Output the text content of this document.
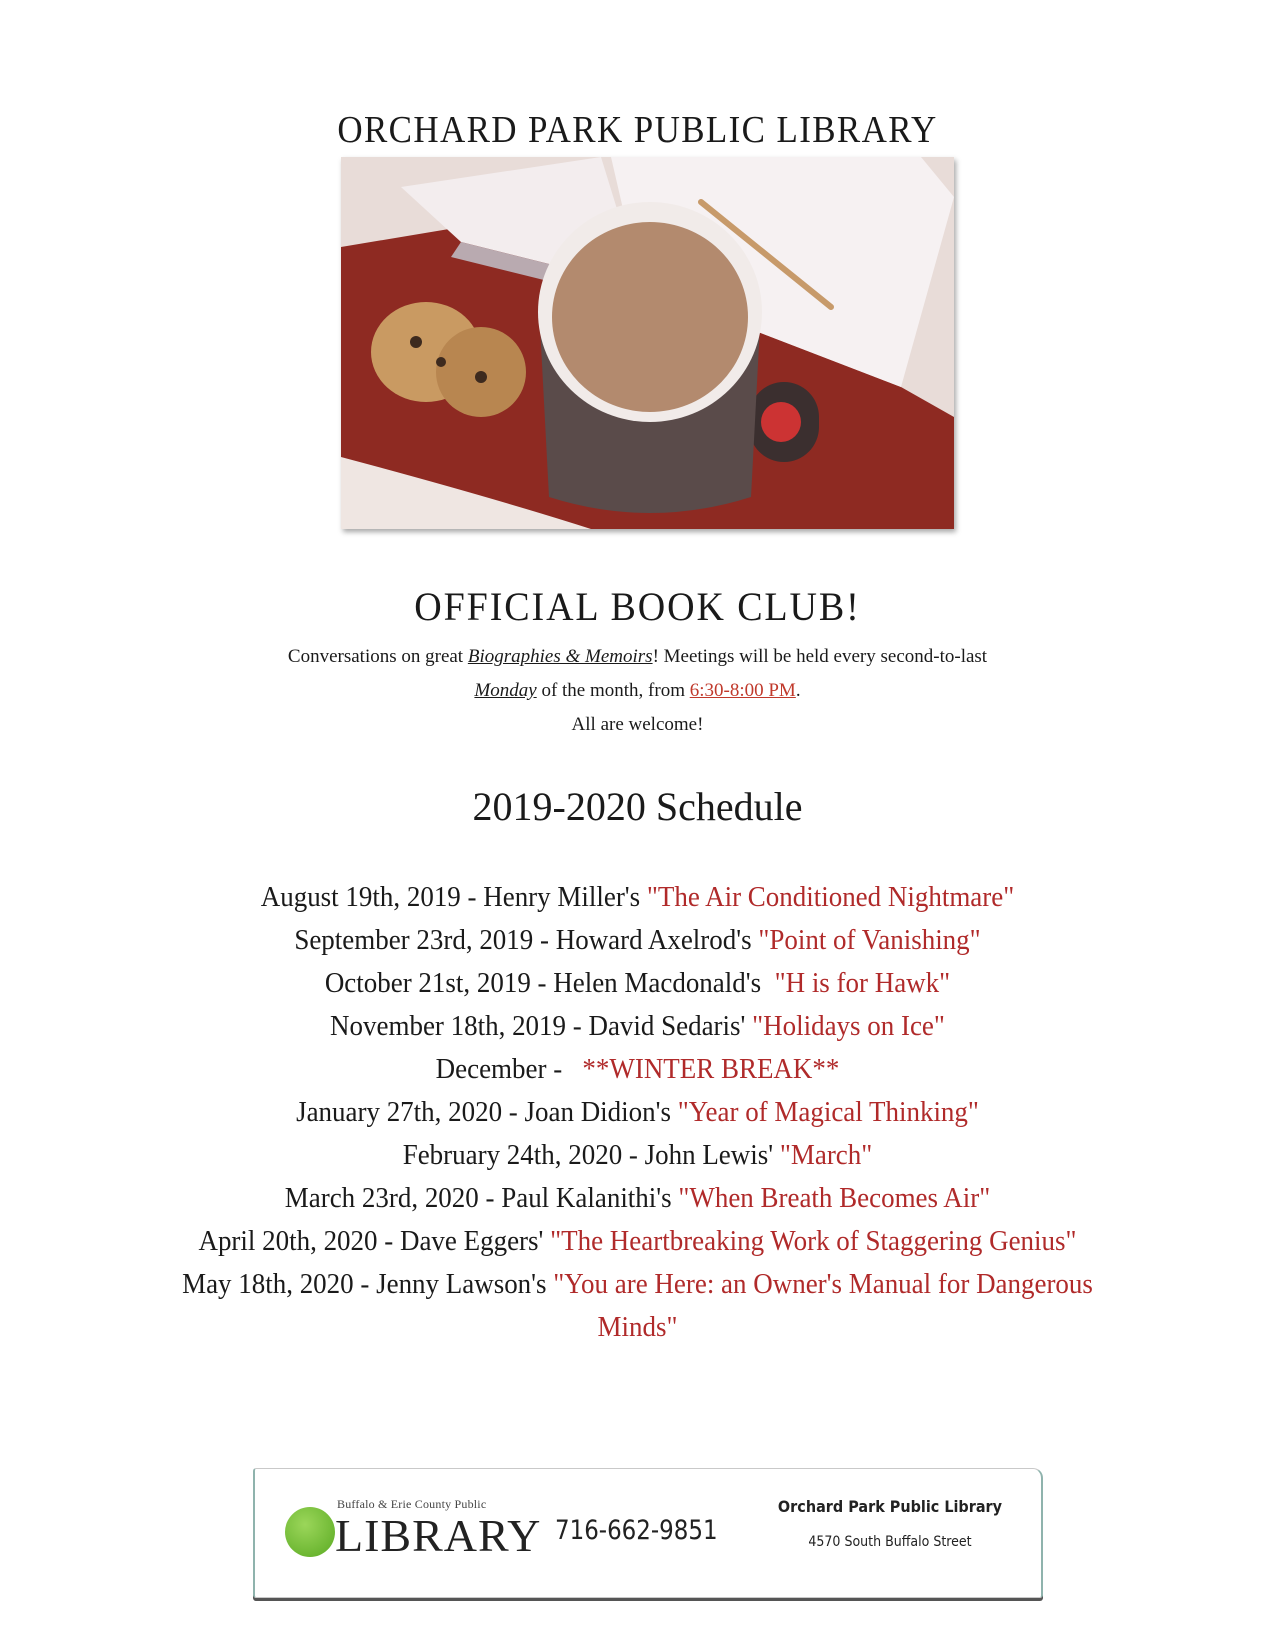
ORCHARD PARK PUBLIC LIBRARY
OFFICIAL BOOK CLUB!
Conversations on great Biographies & Memoirs! Meetings will be held every second-to-last
Monday of the month, from 6:30-8:00 PM.
All are welcome!
2019-2020 Schedule
August 19th, 2019 - Henry Miller's "The Air Conditioned Nightmare"
September 23rd, 2019 - Howard Axelrod's "Point of Vanishing"
October 21st, 2019 - Helen Macdonald's  "H is for Hawk"
November 18th, 2019 - David Sedaris' "Holidays on Ice"
December -   **WINTER BREAK**
January 27th, 2020 - Joan Didion's "Year of Magical Thinking"
February 24th, 2020 - John Lewis' "March"
March 23rd, 2020 - Paul Kalanithi's "When Breath Becomes Air"
April 20th, 2020 - Dave Eggers' "The Heartbreaking Work of Staggering Genius"
May 18th, 2020 - Jenny Lawson's "You are Here: an Owner's Manual for Dangerous Minds"
Buffalo & Erie County Public
LIBRARY 716-662-9851
Orchard Park Public Library
4570 South Buffalo Street
